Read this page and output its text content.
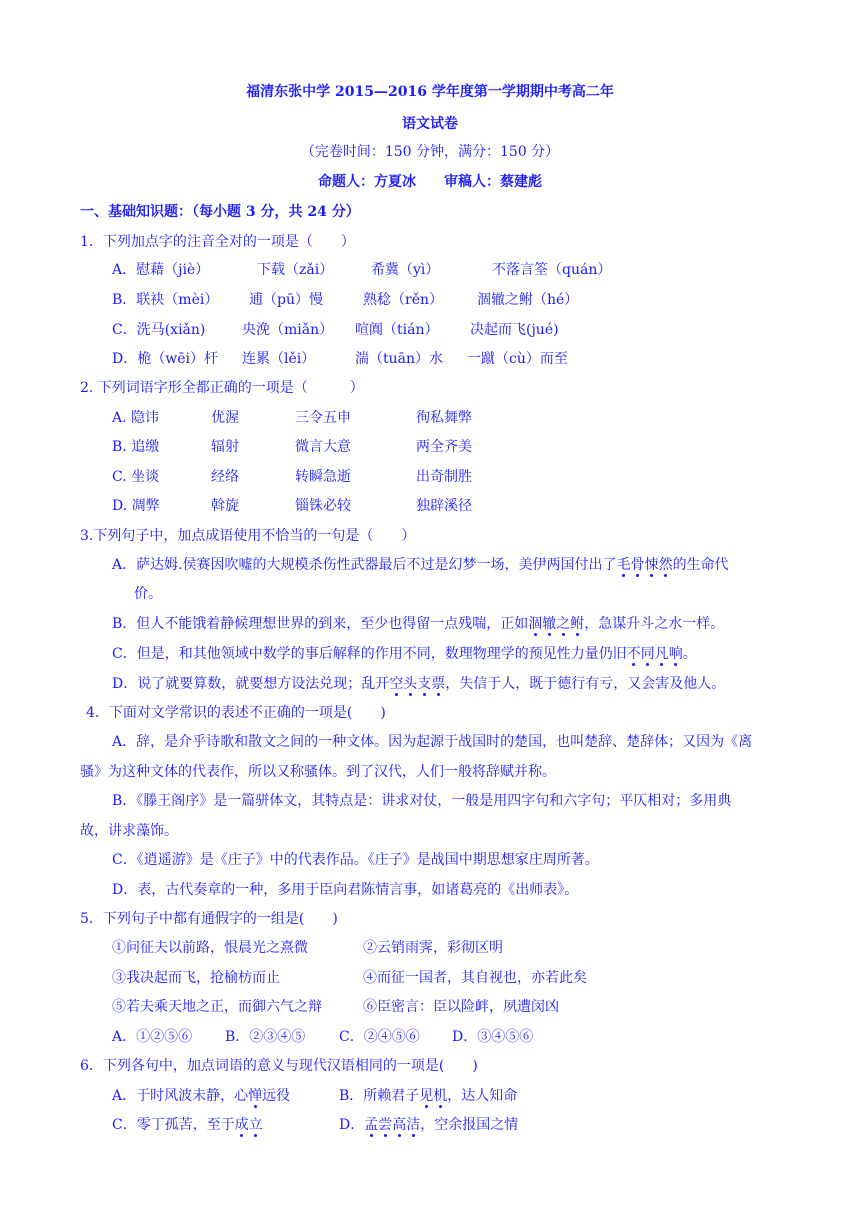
福清东张中学 2015—2016 学年度第一学期期中考高二年
语文试卷
（完卷时间：150 分钟，满分：150 分）
命题人：方夏冰　　审稿人：蔡建彪
一、基础知识题：（每小题 3 分，共 24 分）
1．下列加点字的注音全对的一项是（　　）
A．慰藉（jiè）	下载（zǎi）	希冀（yì）	不落言筌（quán）
B．联袂（mèi） 逋（pū）慢	熟稔（rěn） 涸辙之鲋（hé）
C．洗马(xiǎn)	央浼（miǎn） 喧阗（tián） 决起而飞(jué)
D．桅（wēi）杆 连累（lěi）	湍（tuān）水 一蹴（cù）而至
2. 下列词语字形全都正确的一项是（　　　）
A. 隐讳	优渥	三令五申	徇私舞弊
B. 追缴	辐射	微言大意	两全齐美
C. 坐谈	经络	转瞬急逝	出奇制胜
D. 凋弊	斡旋	锱铢必较	独辟溪径
3.下列句子中，加点成语使用不恰当的一句是（　　）
A．萨达姆.侯赛因吹嘘的大规模杀伤性武器最后不过是幻梦一场，美伊两国付出了毛骨悚然的生命代
价。
B．但人不能饿着静候理想世界的到来，至少也得留一点残喘，正如涸辙之鲋，急谋升斗之水一样。
C．但是，和其他领域中数学的事后解释的作用不同，数理物理学的预见性力量仍旧不同凡响。
D．说了就要算数，就要想方设法兑现；乱开空头支票，失信于人，既于德行有亏，又会害及他人。
4．下面对文学常识的表述不正确的一项是(　　)
A．辞，是介乎诗歌和散文之间的一种文体。因为起源于战国时的楚国，也叫楚辞、楚辞体；又因为《离
骚》为这种文体的代表作，所以又称骚体。到了汉代，人们一般将辞赋并称。
B．《滕王阁序》是一篇骈体文，其特点是：讲求对仗，一般是用四字句和六字句；平仄相对；多用典
故，讲求藻饰。
C．《逍遥游》是《庄子》中的代表作品。《庄子》是战国中期思想家庄周所著。
D．表，古代奏章的一种，多用于臣向君陈情言事，如诸葛亮的《出师表》。
5．下列句子中都有通假字的一组是(　　)
①问征夫以前路，恨晨光之熹微	②云销雨霁，彩彻区明
③我决起而飞，抢榆枋而止	④而征一国者，其自视也，亦若此矣
⑤若夫乘天地之正，而御六气之辩	⑥臣密言：臣以险衅，夙遭闵凶
A．①②⑤⑥ B．②③④⑤ C．②④⑤⑥ D．③④⑤⑥
6．下列各句中，加点词语的意义与现代汉语相同的一项是(　　)
A．于时风波未静，心惮远役	B．所赖君子见机，达人知命
C．零丁孤苦，至于成立	D．孟尝高洁，空余报国之情
